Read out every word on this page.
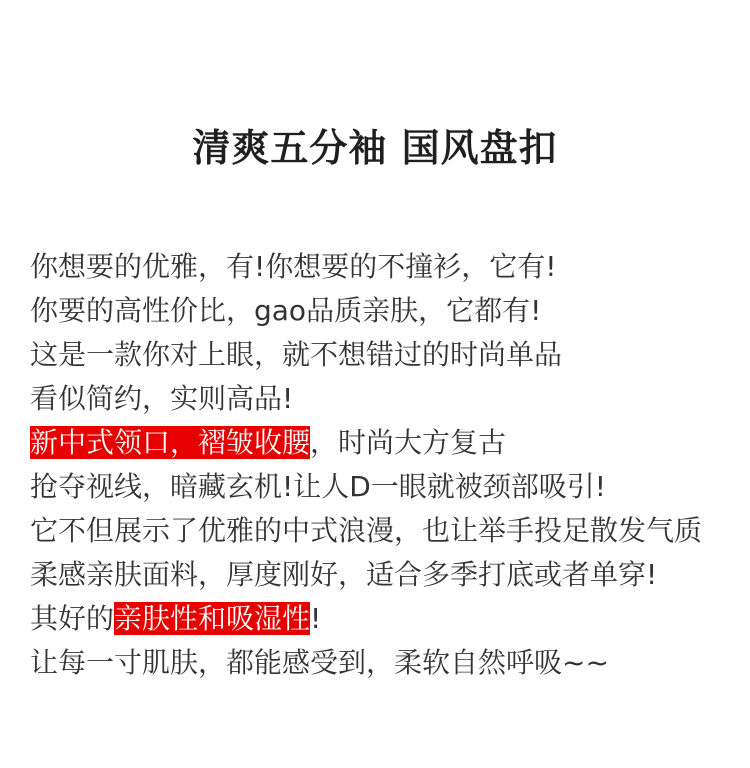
清爽五分袖 国风盘扣
你想要的优雅，有!你想要的不撞衫，它有!
你要的高性价比，gao品质亲肤，它都有!
这是一款你对上眼，就不想错过的时尚单品
看似简约，实则高品!
新中式领口，褶皱收腰，时尚大方复古
抢夺视线，暗藏玄机!让人D一眼就被颈部吸引!
它不但展示了优雅的中式浪漫，也让举手投足散发气质
柔感亲肤面料，厚度刚好，适合多季打底或者单穿!
其好的亲肤性和吸湿性!
让每一寸肌肤，都能感受到，柔软自然呼吸~~
